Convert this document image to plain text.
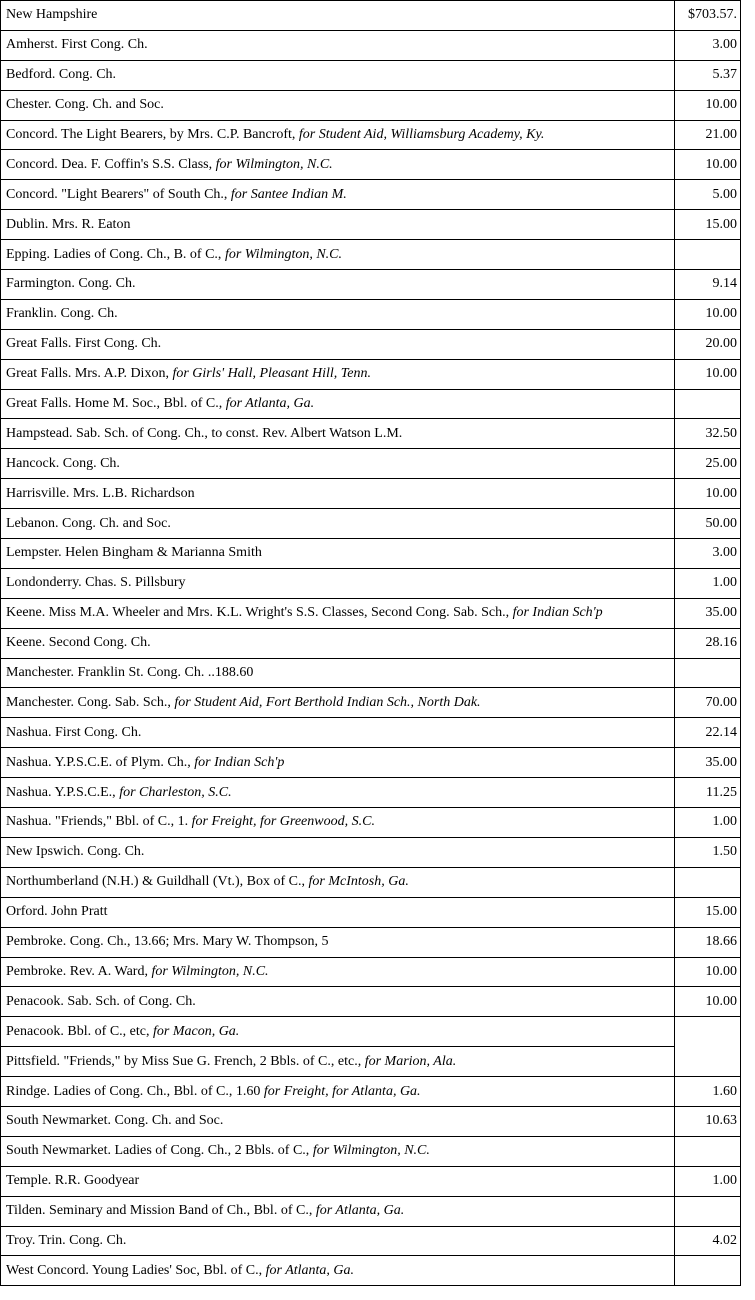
New Hampshire	$703.57.
Amherst. First Cong. Ch.	3.00
Bedford. Cong. Ch.	5.37
Chester. Cong. Ch. and Soc.	10.00
Concord. The Light Bearers, by Mrs. C.P. Bancroft, for Student Aid, Williamsburg Academy, Ky.	21.00
Concord. Dea. F. Coffin's S.S. Class, for Wilmington, N.C.	10.00
Concord. "Light Bearers" of South Ch., for Santee Indian M.	5.00
Dublin. Mrs. R. Eaton	15.00
Epping. Ladies of Cong. Ch., B. of C., for Wilmington, N.C.	
Farmington. Cong. Ch.	9.14
Franklin. Cong. Ch.	10.00
Great Falls. First Cong. Ch.	20.00
Great Falls. Mrs. A.P. Dixon, for Girls' Hall, Pleasant Hill, Tenn.	10.00
Great Falls. Home M. Soc., Bbl. of C., for Atlanta, Ga.	
Hampstead. Sab. Sch. of Cong. Ch., to const. Rev. Albert Watson L.M.	32.50
Hancock. Cong. Ch.	25.00
Harrisville. Mrs. L.B. Richardson	10.00
Lebanon. Cong. Ch. and Soc.	50.00
Lempster. Helen Bingham & Marianna Smith	3.00
Londonderry. Chas. S. Pillsbury	1.00
Keene. Miss M.A. Wheeler and Mrs. K.L. Wright's S.S. Classes, Second Cong. Sab. Sch., for Indian Sch'p	35.00
Keene. Second Cong. Ch.	28.16
Manchester. Franklin St. Cong. Ch. ..188.60	
Manchester. Cong. Sab. Sch., for Student Aid, Fort Berthold Indian Sch., North Dak.	70.00
Nashua. First Cong. Ch.	22.14
Nashua. Y.P.S.C.E. of Plym. Ch., for Indian Sch'p	35.00
Nashua. Y.P.S.C.E., for Charleston, S.C.	11.25
Nashua. "Friends," Bbl. of C., 1. for Freight, for Greenwood, S.C.	1.00
New Ipswich. Cong. Ch.	1.50
Northumberland (N.H.) & Guildhall (Vt.), Box of C., for McIntosh, Ga.	
Orford. John Pratt	15.00
Pembroke. Cong. Ch., 13.66; Mrs. Mary W. Thompson, 5	18.66
Pembroke. Rev. A. Ward, for Wilmington, N.C.	10.00
Penacook. Sab. Sch. of Cong. Ch.	10.00
Penacook. Bbl. of C., etc, for Macon, Ga.	
Pittsfield. "Friends," by Miss Sue G. French, 2 Bbls. of C., etc., for Marion, Ala.	
Rindge. Ladies of Cong. Ch., Bbl. of C., 1.60 for Freight, for Atlanta, Ga.	1.60
South Newmarket. Cong. Ch. and Soc.	10.63
South Newmarket. Ladies of Cong. Ch., 2 Bbls. of C., for Wilmington, N.C.	
Temple. R.R. Goodyear	1.00
Tilden. Seminary and Mission Band of Ch., Bbl. of C., for Atlanta, Ga.	
Troy. Trin. Cong. Ch.	4.02
West Concord. Young Ladies' Soc, Bbl. of C., for Atlanta, Ga.	
